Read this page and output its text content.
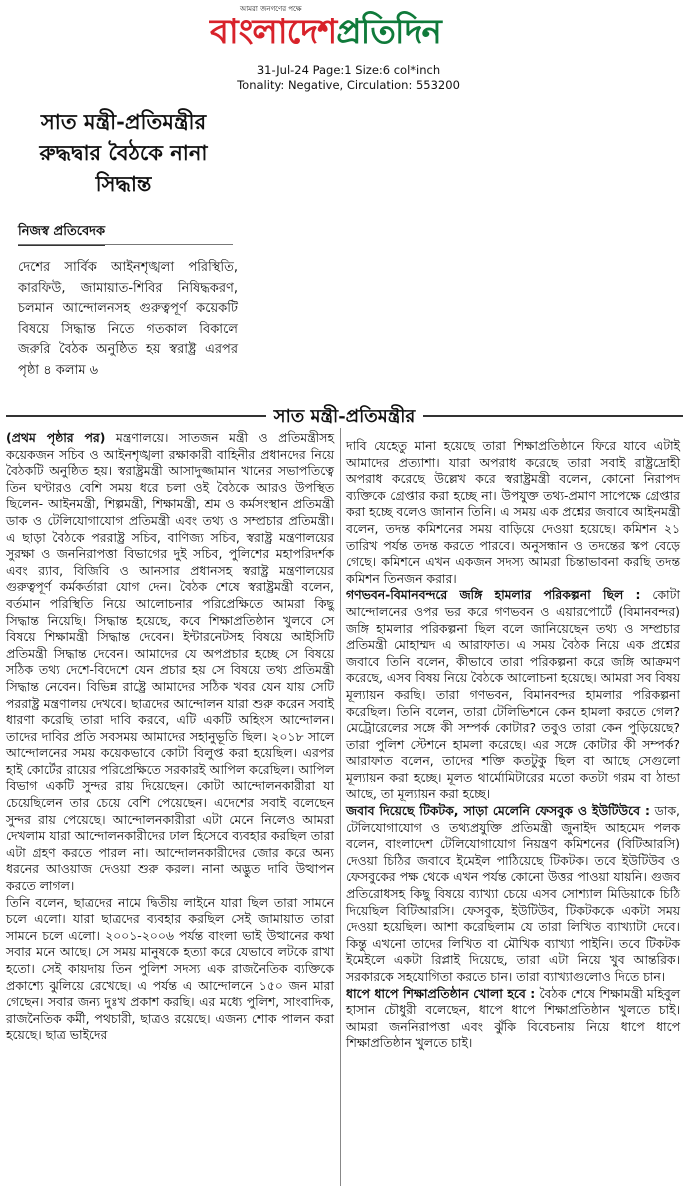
আমরা জনগণের পক্ষে
বাংলাদেশপ্রতিদিন
31-Jul-24 Page:1 Size:6 col*inch
Tonality: Negative, Circulation: 553200
সাত মন্ত্রী-প্রতিমন্ত্রীর রুদ্ধদ্বার বৈঠকে নানা সিদ্ধান্ত
নিজস্ব প্রতিবেদক
দেশের সার্বিক আইনশৃঙ্খলা পরিস্থিতি, কারফিউ, জামায়াত-শিবির নিষিদ্ধকরণ, চলমান আন্দোলনসহ গুরুত্বপূর্ণ কয়েকটি বিষয়ে সিদ্ধান্ত নিতে গতকাল বিকালে জরুরি বৈঠক অনুষ্ঠিত হয় স্বরাষ্ট্র এরপর পৃষ্ঠা ৪ কলাম ৬
সাত মন্ত্রী-প্রতিমন্ত্রীর

(প্রথম পৃষ্ঠার পর) মন্ত্রণালয়ে। সাতজন মন্ত্রী ও প্রতিমন্ত্রীসহ কয়েকজন সচিব ও আইনশৃঙ্খলা রক্ষাকারী বাহিনীর প্রধানদের নিয়ে বৈঠকটি অনুষ্ঠিত হয়। স্বরাষ্ট্রমন্ত্রী আসাদুজ্জামান খানের সভাপতিত্বে তিন ঘণ্টারও বেশি সময় ধরে চলা ওই বৈঠকে আরও উপস্থিত ছিলেন- আইনমন্ত্রী, শিল্পমন্ত্রী, শিক্ষামন্ত্রী, শ্রম ও কর্মসংস্থান প্রতিমন্ত্রী ডাক ও টেলিযোগাযোগ প্রতিমন্ত্রী এবং তথ্য ও সম্প্রচার প্রতিমন্ত্রী। এ ছাড়া বৈঠকে পররাষ্ট্র সচিব, বাণিজ্য সচিব, স্বরাষ্ট্র মন্ত্রণালয়ের সুরক্ষা ও জননিরাপত্তা বিভাগের দুই সচিব, পুলিশের মহাপরিদর্শক এবং র‌্যাব, বিজিবি ও আনসার প্রধানসহ স্বরাষ্ট্র মন্ত্রণালয়ের গুরুত্বপূর্ণ কর্মকর্তারা যোগ দেন। বৈঠক শেষে স্বরাষ্ট্রমন্ত্রী বলেন, বর্তমান পরিস্থিতি নিয়ে আলোচনার পরিপ্রেক্ষিতে আমরা কিছু সিদ্ধান্ত নিয়েছি। সিদ্ধান্ত হয়েছে, কবে শিক্ষাপ্রতিষ্ঠান খুলবে সে বিষয়ে শিক্ষামন্ত্রী সিদ্ধান্ত দেবেন। ইন্টারনেটসহ বিষয়ে আইসিটি প্রতিমন্ত্রী সিদ্ধান্ত দেবেন। আমাদের যে অপপ্রচার হচ্ছে সে বিষয়ে সঠিক তথ্য দেশে-বিদেশে যেন প্রচার হয় সে বিষয়ে তথ্য প্রতিমন্ত্রী সিদ্ধান্ত নেবেন। বিভিন্ন রাষ্ট্রে আমাদের সঠিক খবর যেন যায় সেটি পররাষ্ট্র মন্ত্রণালয় দেখবে। ছাত্রদের আন্দোলন যারা শুরু করেন সবাই ধারণা করেছি তারা দাবি করবে, এটি একটি অহিংস আন্দোলন। তাদের দাবির প্রতি সবসময় আমাদের সহানুভূতি ছিল। ২০১৮ সালে আন্দোলনের সময় কয়েকভাবে কোটা বিলুপ্ত করা হয়েছিল। এরপর হাই কোর্টের রায়ের পরিপ্রেক্ষিতে সরকারই আপিল করেছিল। আপিল বিভাগ একটি সুন্দর রায় দিয়েছেন। কোটা আন্দোলনকারীরা যা চেয়েছিলেন তার চেয়ে বেশি পেয়েছেন। এদেশের সবাই বলেছেন সুন্দর রায় পেয়েছে। আন্দোলনকারীরা এটা মেনে নিলেও আমরা দেখলাম যারা আন্দোলনকারীদের ঢাল হিসেবে ব্যবহার করছিল তারা এটা গ্রহণ করতে পারল না। আন্দোলনকারীদের জোর করে অন্য ধরনের আওয়াজ দেওয়া শুরু করল। নানা অদ্ভুত দাবি উত্থাপন করতে লাগল।

তিনি বলেন, ছাত্রদের নামে দ্বিতীয় লাইনে যারা ছিল তারা সামনে চলে এলো। যারা ছাত্রদের ব্যবহার করছিল সেই জামায়াত তারা সামনে চলে এলো। ২০০১-২০০৬ পর্যন্ত বাংলা ভাই উত্থানের কথা সবার মনে আছে। সে সময় মানুষকে হত্যা করে যেভাবে লটকে রাখা হতো। সেই কায়দায় তিন পুলিশ সদস্য এক রাজনৈতিক ব্যক্তিকে প্রকাশ্যে ঝুলিয়ে রেখেছে। এ পর্যন্ত এ আন্দোলনে ১৫০ জন মারা গেছেন। সবার জন্য দুঃখ প্রকাশ করছি। এর মধ্যে পুলিশ, সাংবাদিক, রাজনৈতিক কর্মী, পথচারী, ছাত্রও রয়েছে। এজন্য শোক পালন করা হয়েছে। ছাত্র ভাইদের

দাবি যেহেতু মানা হয়েছে তারা শিক্ষাপ্রতিষ্ঠানে ফিরে যাবে এটাই আমাদের প্রত্যাশা। যারা অপরাধ করেছে তারা সবাই রাষ্ট্রদ্রোহী অপরাধ করেছে উল্লেখ করে স্বরাষ্ট্রমন্ত্রী বলেন, কোনো নিরাপদ ব্যক্তিকে গ্রেপ্তার করা হচ্ছে না। উপযুক্ত তথ্য-প্রমাণ সাপেক্ষে গ্রেপ্তার করা হচ্ছে বলেও জানান তিনি। এ সময় এক প্রশ্নের জবাবে আইনমন্ত্রী বলেন, তদন্ত কমিশনের সময় বাড়িয়ে দেওয়া হয়েছে। কমিশন ২১ তারিখ পর্যন্ত তদন্ত করতে পারবে। অনুসন্ধান ও তদন্তের স্কপ বেড়ে গেছে। কমিশনে এখন একজন সদস্য আমরা চিন্তাভাবনা করছি তদন্ত কমিশন তিনজন করার।

গণভবন-বিমানবন্দরে জঙ্গি হামলার পরিকল্পনা ছিল : কোটা আন্দোলনের ওপর ভর করে গণভবন ও এয়ারপোর্টে (বিমানবন্দর) জঙ্গি হামলার পরিকল্পনা ছিল বলে জানিয়েছেন তথ্য ও সম্প্রচার প্রতিমন্ত্রী মোহাম্মদ এ আরাফাত। এ সময় বৈঠক নিয়ে এক প্রশ্নের জবাবে তিনি বলেন, কীভাবে তারা পরিকল্পনা করে জঙ্গি আক্রমণ করেছে, এসব বিষয় নিয়ে বৈঠকে আলোচনা হয়েছে। আমরা সব বিষয় মূল্যায়ন করছি। তারা গণভবন, বিমানবন্দর হামলার পরিকল্পনা করেছিল। তিনি বলেন, তারা টেলিভিশনে কেন হামলা করতে গেল? মেট্রোরেলের সঙ্গে কী সম্পর্ক কোটার? তবুও তারা কেন পুড়িয়েছে? তারা পুলিশ স্টেশনে হামলা করেছে। এর সঙ্গে কোটার কী সম্পর্ক? আরাফাত বলেন, তাদের শক্তি কতটুকু ছিল বা আছে সেগুলো মূল্যায়ন করা হচ্ছে। মূলত থার্মোমিটারের মতো কতটা গরম বা ঠান্ডা আছে, তা মূল্যায়ন করা হচ্ছে।

জবাব দিয়েছে টিকটক, সাড়া মেলেনি ফেসবুক ও ইউটিউবে : ডাক, টেলিযোগাযোগ ও তথ্যপ্রযুক্তি প্রতিমন্ত্রী জুনাইদ আহমেদ পলক বলেন, বাংলাদেশ টেলিযোগাযোগ নিয়ন্ত্রণ কমিশনের (বিটিআরসি) দেওয়া চিঠির জবাবে ইমেইল পাঠিয়েছে টিকটক। তবে ইউটিউব ও ফেসবুকের পক্ষ থেকে এখন পর্যন্ত কোনো উত্তর পাওয়া যায়নি। গুজব প্রতিরোধসহ কিছু বিষয়ে ব্যাখ্যা চেয়ে এসব সোশ্যাল মিডিয়াকে চিঠি দিয়েছিল বিটিআরসি। ফেসবুক, ইউটিউব, টিকটককে একটা সময় দেওয়া হয়েছিল। আশা করেছিলাম যে তারা লিখিত ব্যাখ্যাটা দেবে। কিন্তু এখনো তাদের লিখিত বা মৌখিক ব্যাখ্যা পাইনি। তবে টিকটক ইমেইলে একটা রিপ্লাই দিয়েছে, তারা এটা নিয়ে খুব আন্তরিক। সরকারকে সহযোগিতা করতে চান। তারা ব্যাখ্যাগুলোও দিতে চান।

ধাপে ধাপে শিক্ষাপ্রতিষ্ঠান খোলা হবে : বৈঠক শেষে শিক্ষামন্ত্রী মহিবুল হাসান চৌধুরী বলেছেন, ধাপে ধাপে শিক্ষাপ্রতিষ্ঠান খুলতে চাই। আমরা জননিরাপত্তা এবং ঝুঁকি বিবেচনায় নিয়ে ধাপে ধাপে শিক্ষাপ্রতিষ্ঠান খুলতে চাই।
